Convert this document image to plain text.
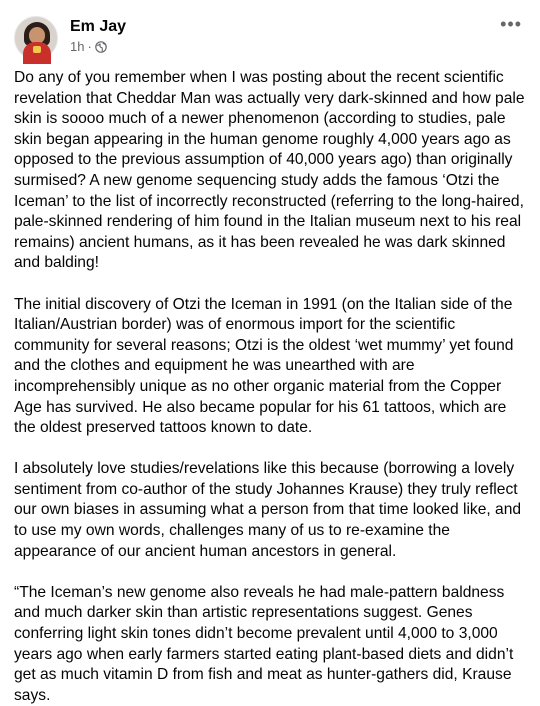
Em Jay
1h ·
•••

Do any of you remember when I was posting about the recent scientific revelation that Cheddar Man was actually very dark-skinned and how pale skin is soooo much of a newer phenomenon (according to studies, pale skin began appearing in the human genome roughly 4,000 years ago as opposed to the previous assumption of 40,000 years ago) than originally surmised? A new genome sequencing study adds the famous ‘Otzi the Iceman’ to the list of incorrectly reconstructed (referring to the long-haired, pale-skinned rendering of him found in the Italian museum next to his real remains) ancient humans, as it has been revealed he was dark skinned and balding!

The initial discovery of Otzi the Iceman in 1991 (on the Italian side of the Italian/Austrian border) was of enormous import for the scientific community for several reasons; Otzi is the oldest ‘wet mummy’ yet found and the clothes and equipment he was unearthed with are incomprehensibly unique as no other organic material from the Copper Age has survived. He also became popular for his 61 tattoos, which are the oldest preserved tattoos known to date.

I absolutely love studies/revelations like this because (borrowing a lovely sentiment from co-author of the study Johannes Krause) they truly reflect our own biases in assuming what a person from that time looked like, and to use my own words, challenges many of us to re-examine the appearance of our ancient human ancestors in general.

“The Iceman’s new genome also reveals he had male-pattern baldness and much darker skin than artistic representations suggest. Genes conferring light skin tones didn’t become prevalent until 4,000 to 3,000 years ago when early farmers started eating plant-based diets and didn’t get as much vitamin D from fish and meat as hunter-gathers did, Krause says.
